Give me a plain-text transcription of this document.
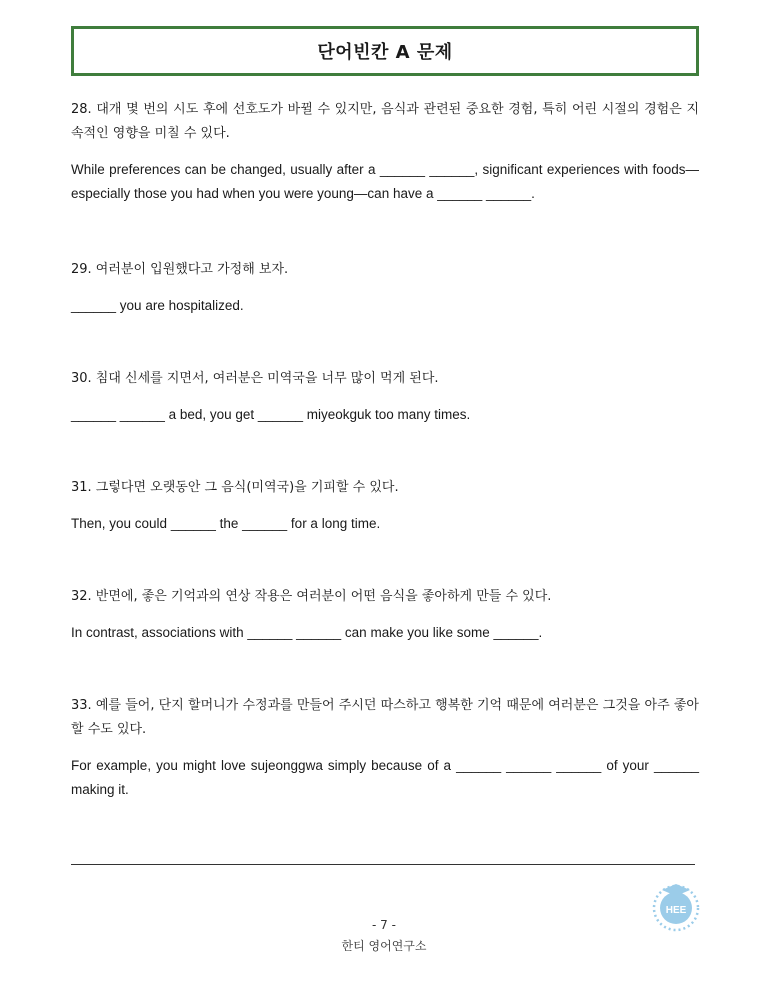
단어빈칸 A 문제
28. 대개 몇 번의 시도 후에 선호도가 바뀔 수 있지만, 음식과 관련된 중요한 경험, 특히 어린 시절의 경험은 지속적인 영향을 미칠 수 있다.
While preferences can be changed, usually after a ______ ______, significant experiences with foods—especially those you had when you were young—can have a ______ ______.
29. 여러분이 입원했다고 가정해 보자.
______ you are hospitalized.
30. 침대 신세를 지면서, 여러분은 미역국을 너무 많이 먹게 된다.
______ ______ a bed, you get ______ miyeokguk too many times.
31. 그렇다면 오랫동안 그 음식(미역국)을 기피할 수 있다.
Then, you could ______ the ______ for a long time.
32. 반면에, 좋은 기억과의 연상 작용은 여러분이 어떤 음식을 좋아하게 만들 수 있다.
In contrast, associations with ______ ______ can make you like some ______.
33. 예를 들어, 단지 할머니가 수정과를 만들어 주시던 따스하고 행복한 기억 때문에 여러분은 그것을 아주 좋아할 수도 있다.
For example, you might love sujeonggwa simply because of a ______ ______ ______ of your ______ making it.
HEE
- 7 -
한티 영어연구소
